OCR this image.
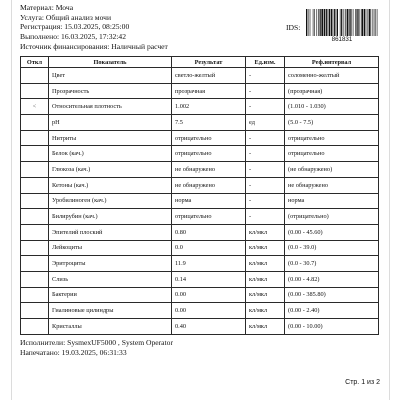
Материал: Моча
Услуга: Общий анализ мочи
Регистрация: 15.03.2025, 08:25:00
Выполнено: 16.03.2025, 17:32:42
Источник финансирования: Наличный расчет
IDS:
861831
Откл	Показатель	Результат	Ед.изм.	Реф.интервал
	Цвет	светло-желтый	-	соломенно-желтый
	Прозрачность	прозрачная	-	(прозрачная)
<	Относительная плотность	1.002	-	(1.010 - 1.030)
	pH	7.5	ед	(5.0 - 7.5)
	Нитриты	отрицательно	-	отрицательно
	Белок (кач.)	отрицательно	-	отрицательно
	Глюкоза (кач.)	не обнаружено	-	(не обнаружено)
	Кетоны (кач.)	не обнаружено	-	не обнаружено
	Уробилиноген (кач.)	норма	-	норма
	Билирубин (кач.)	отрицательно	-	(отрицательно)
	Эпителий плоский	0.80	кл/мкл	(0.00 - 45.60)
	Лейкоциты	0.0	кл/мкл	(0.0 - 39.0)
	Эритроциты	11.9	кл/мкл	(0.0 - 30.7)
	Слизь	0.14	кл/мкл	(0.00 - 4.82)
	Бактерии	0.00	кл/мкл	(0.00 - 385.80)
	Гиалиновые цилиндры	0.00	кл/мкл	(0.00 - 2.40)
	Кристаллы	0.40	кл/мкл	(0.00 - 10.00)
Исполнители: SysmexUF5000 , System Operator
Напечатано: 19.03.2025, 06:31:33
Стр. 1 из 2
